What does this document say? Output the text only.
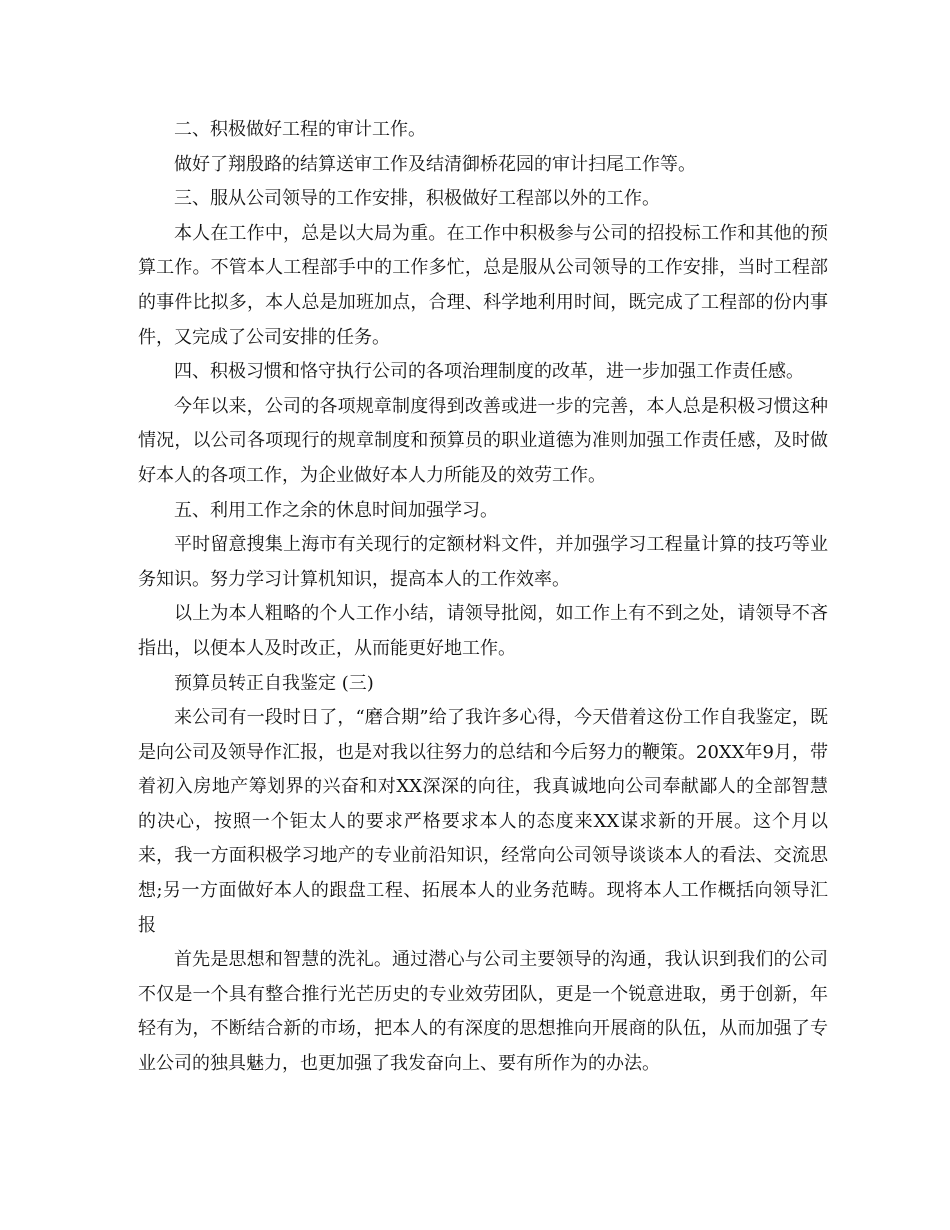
二、积极做好工程的审计工作。

做好了翔殷路的结算送审工作及结清御桥花园的审计扫尾工作等。

三、服从公司领导的工作安排，积极做好工程部以外的工作。

本人在工作中，总是以大局为重。在工作中积极参与公司的招投标工作和其他的预算工作。不管本人工程部手中的工作多忙，总是服从公司领导的工作安排，当时工程部的事件比拟多，本人总是加班加点，合理、科学地利用时间，既完成了工程部的份内事件，又完成了公司安排的任务。

四、积极习惯和恪守执行公司的各项治理制度的改革，进一步加强工作责任感。

今年以来，公司的各项规章制度得到改善或进一步的完善，本人总是积极习惯这种情况，以公司各项现行的规章制度和预算员的职业道德为准则加强工作责任感，及时做好本人的各项工作，为企业做好本人力所能及的效劳工作。

五、利用工作之余的休息时间加强学习。

平时留意搜集上海市有关现行的定额材料文件，并加强学习工程量计算的技巧等业务知识。努力学习计算机知识，提高本人的工作效率。

以上为本人粗略的个人工作小结，请领导批阅，如工作上有不到之处，请领导不吝指出，以便本人及时改正，从而能更好地工作。

预算员转正自我鉴定 (三)

来公司有一段时日了，“磨合期”给了我许多心得，今天借着这份工作自我鉴定，既是向公司及领导作汇报，也是对我以往努力的总结和今后努力的鞭策。20XX年9月，带着初入房地产筹划界的兴奋和对XX深深的向往，我真诚地向公司奉献鄙人的全部智慧的决心，按照一个钜太人的要求严格要求本人的态度来XX谋求新的开展。这个月以来，我一方面积极学习地产的专业前沿知识，经常向公司领导谈谈本人的看法、交流思想;另一方面做好本人的跟盘工程、拓展本人的业务范畴。现将本人工作概括向领导汇报

首先是思想和智慧的洗礼。通过潜心与公司主要领导的沟通，我认识到我们的公司不仅是一个具有整合推行光芒历史的专业效劳团队，更是一个锐意进取，勇于创新，年轻有为，不断结合新的市场，把本人的有深度的思想推向开展商的队伍，从而加强了专业公司的独具魅力，也更加强了我发奋向上、要有所作为的办法。
